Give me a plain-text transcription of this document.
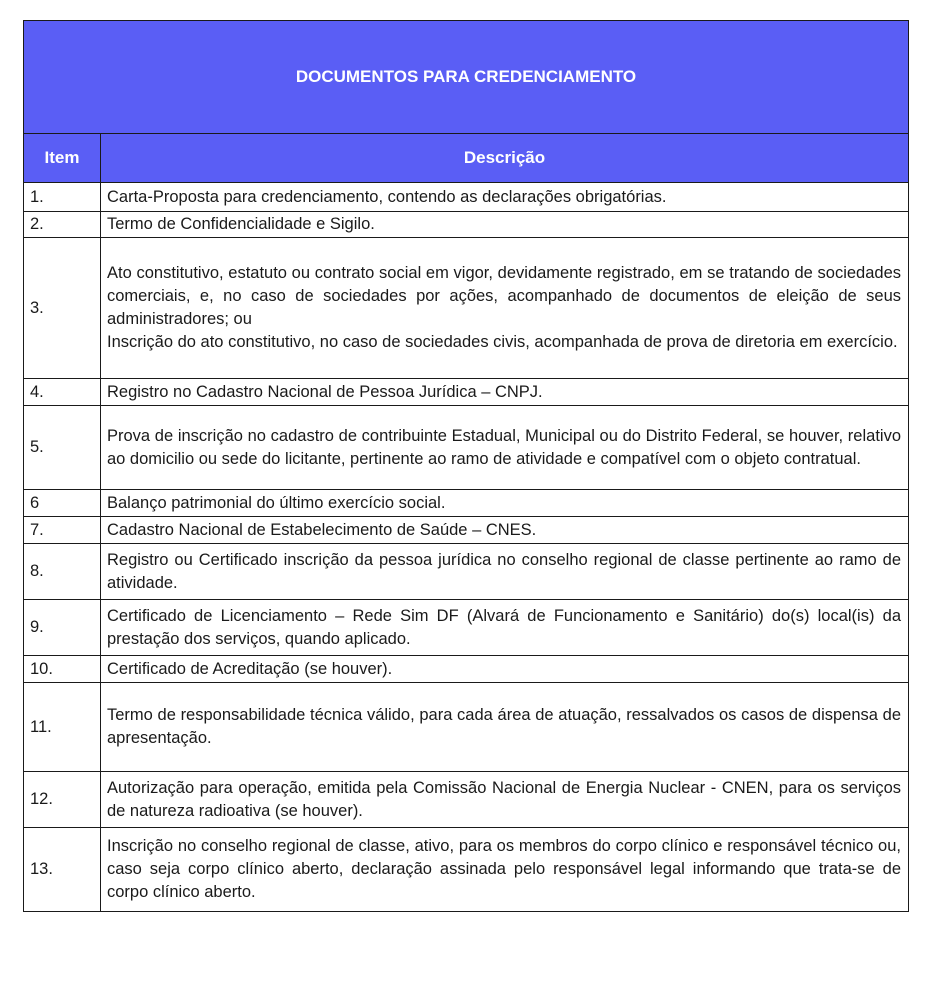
DOCUMENTOS PARA CREDENCIAMENTO	
Item	Descrição
1.	Carta-Proposta para credenciamento, contendo as declarações obrigatórias.

2.	Termo de Confidencialidade e Sigilo.

3.	Ato constitutivo, estatuto ou contrato social em vigor, devidamente registrado, em se tratando de sociedades comerciais, e, no caso de sociedades por ações, acompanhado de documentos de eleição de seus administradores; ou
Inscrição do ato constitutivo, no caso de sociedades civis, acompanhada de prova de diretoria em exercício.

4.	Registro no Cadastro Nacional de Pessoa Jurídica – CNPJ.

5.	Prova de inscrição no cadastro de contribuinte Estadual, Municipal ou do Distrito Federal, se houver, relativo ao domicilio ou sede do licitante, pertinente ao ramo de atividade e compatível com o objeto contratual.

6	Balanço patrimonial do último exercício social.

7.	Cadastro Nacional de Estabelecimento de Saúde – CNES.

8.	Registro ou Certificado inscrição da pessoa jurídica no conselho regional de classe pertinente ao ramo de atividade.

9.	Certificado de Licenciamento – Rede Sim DF (Alvará de Funcionamento e Sanitário) do(s) local(is) da prestação dos serviços, quando aplicado.

10.	Certificado de Acreditação (se houver).

11.	Termo de responsabilidade técnica válido, para cada área de atuação, ressalvados os casos de dispensa de apresentação.

12.	Autorização para operação, emitida pela Comissão Nacional de Energia Nuclear - CNEN, para os serviços de natureza radioativa (se houver).

13.	Inscrição no conselho regional de classe, ativo, para os membros do corpo clínico e responsável técnico ou, caso seja corpo clínico aberto, declaração assinada pelo responsável legal informando que trata-se de corpo clínico aberto.
